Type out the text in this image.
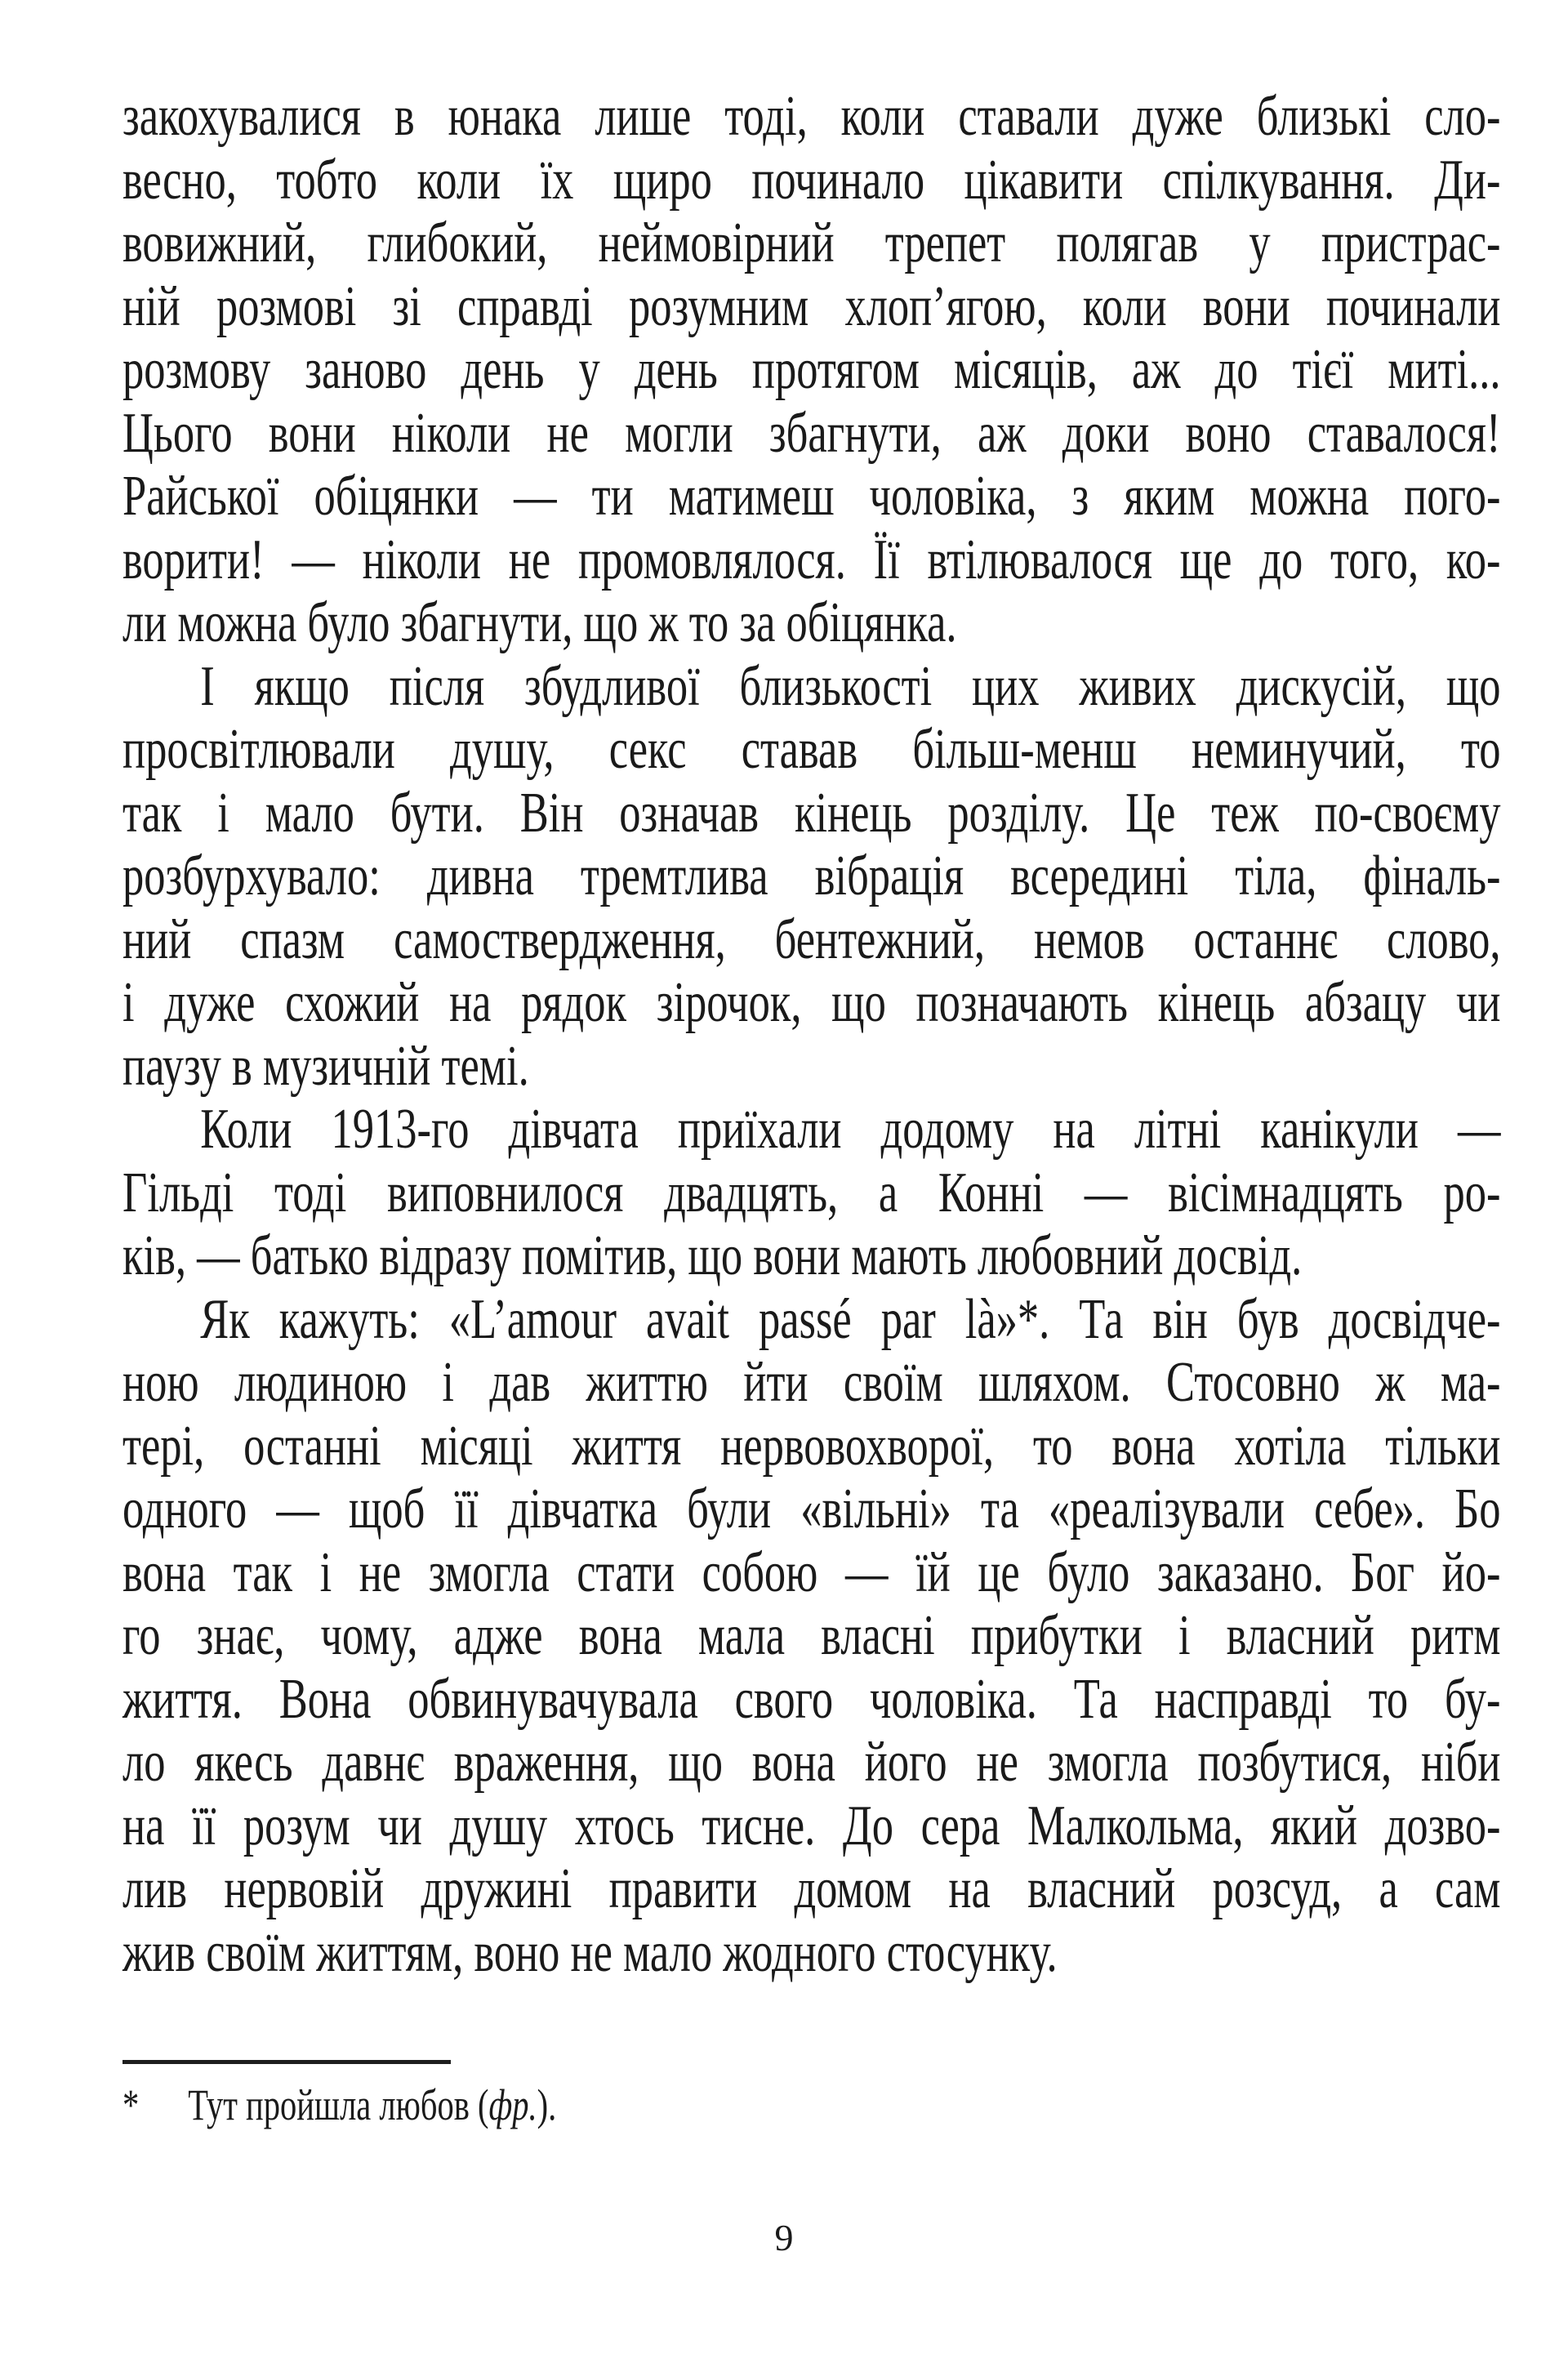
закохувалися в юнака лише тоді, коли ставали дуже близькі сло-
весно, тобто коли їх щиро починало цікавити спілкування. Ди-
вовижний, глибокий, неймовірний трепет полягав у пристрас-
ній розмові зі справді розумним хлоп’ягою, коли вони починали
розмову заново день у день протягом місяців, аж до тієї миті...
Цього вони ніколи не могли збагнути, аж доки воно ставалося!
Райської обіцянки — ти матимеш чоловіка, з яким можна пого-
ворити! — ніколи не промовлялося. Її втілювалося ще до того, ко-
ли можна було збагнути, що ж то за обіцянка.
І якщо після збудливої близькості цих живих дискусій, що
просвітлювали душу, секс ставав більш-менш неминучий, то
так і мало бути. Він означав кінець розділу. Це теж по-своєму
розбурхувало: дивна тремтлива вібрація всередині тіла, фіналь-
ний спазм самоствердження, бентежний, немов останнє слово,
і дуже схожий на рядок зірочок, що позначають кінець абзацу чи
паузу в музичній темі.
Коли 1913-го дівчата приїхали додому на літні канікули —
Гільді тоді виповнилося двадцять, а Конні — вісімнадцять ро-
ків, — батько відразу помітив, що вони мають любовний досвід.
Як кажуть: «L’amour avait passé par là»*. Та він був досвідче-
ною людиною і дав життю йти своїм шляхом. Стосовно ж ма-
тері, останні місяці життя нервовохворої, то вона хотіла тільки
одного — щоб її дівчатка були «вільні» та «реалізували себе». Бо
вона так і не змогла стати собою — їй це було заказано. Бог йо-
го знає, чому, адже вона мала власні прибутки і власний ритм
життя. Вона обвинувачувала свого чоловіка. Та насправді то бу-
ло якесь давнє враження, що вона його не змогла позбутися, ніби
на її розум чи душу хтось тисне. До сера Малкольма, який дозво-
лив нервовій дружині правити домом на власний розсуд, а сам
жив своїм життям, воно не мало жодного стосунку.
* Тут пройшла любов (фр.).
9
